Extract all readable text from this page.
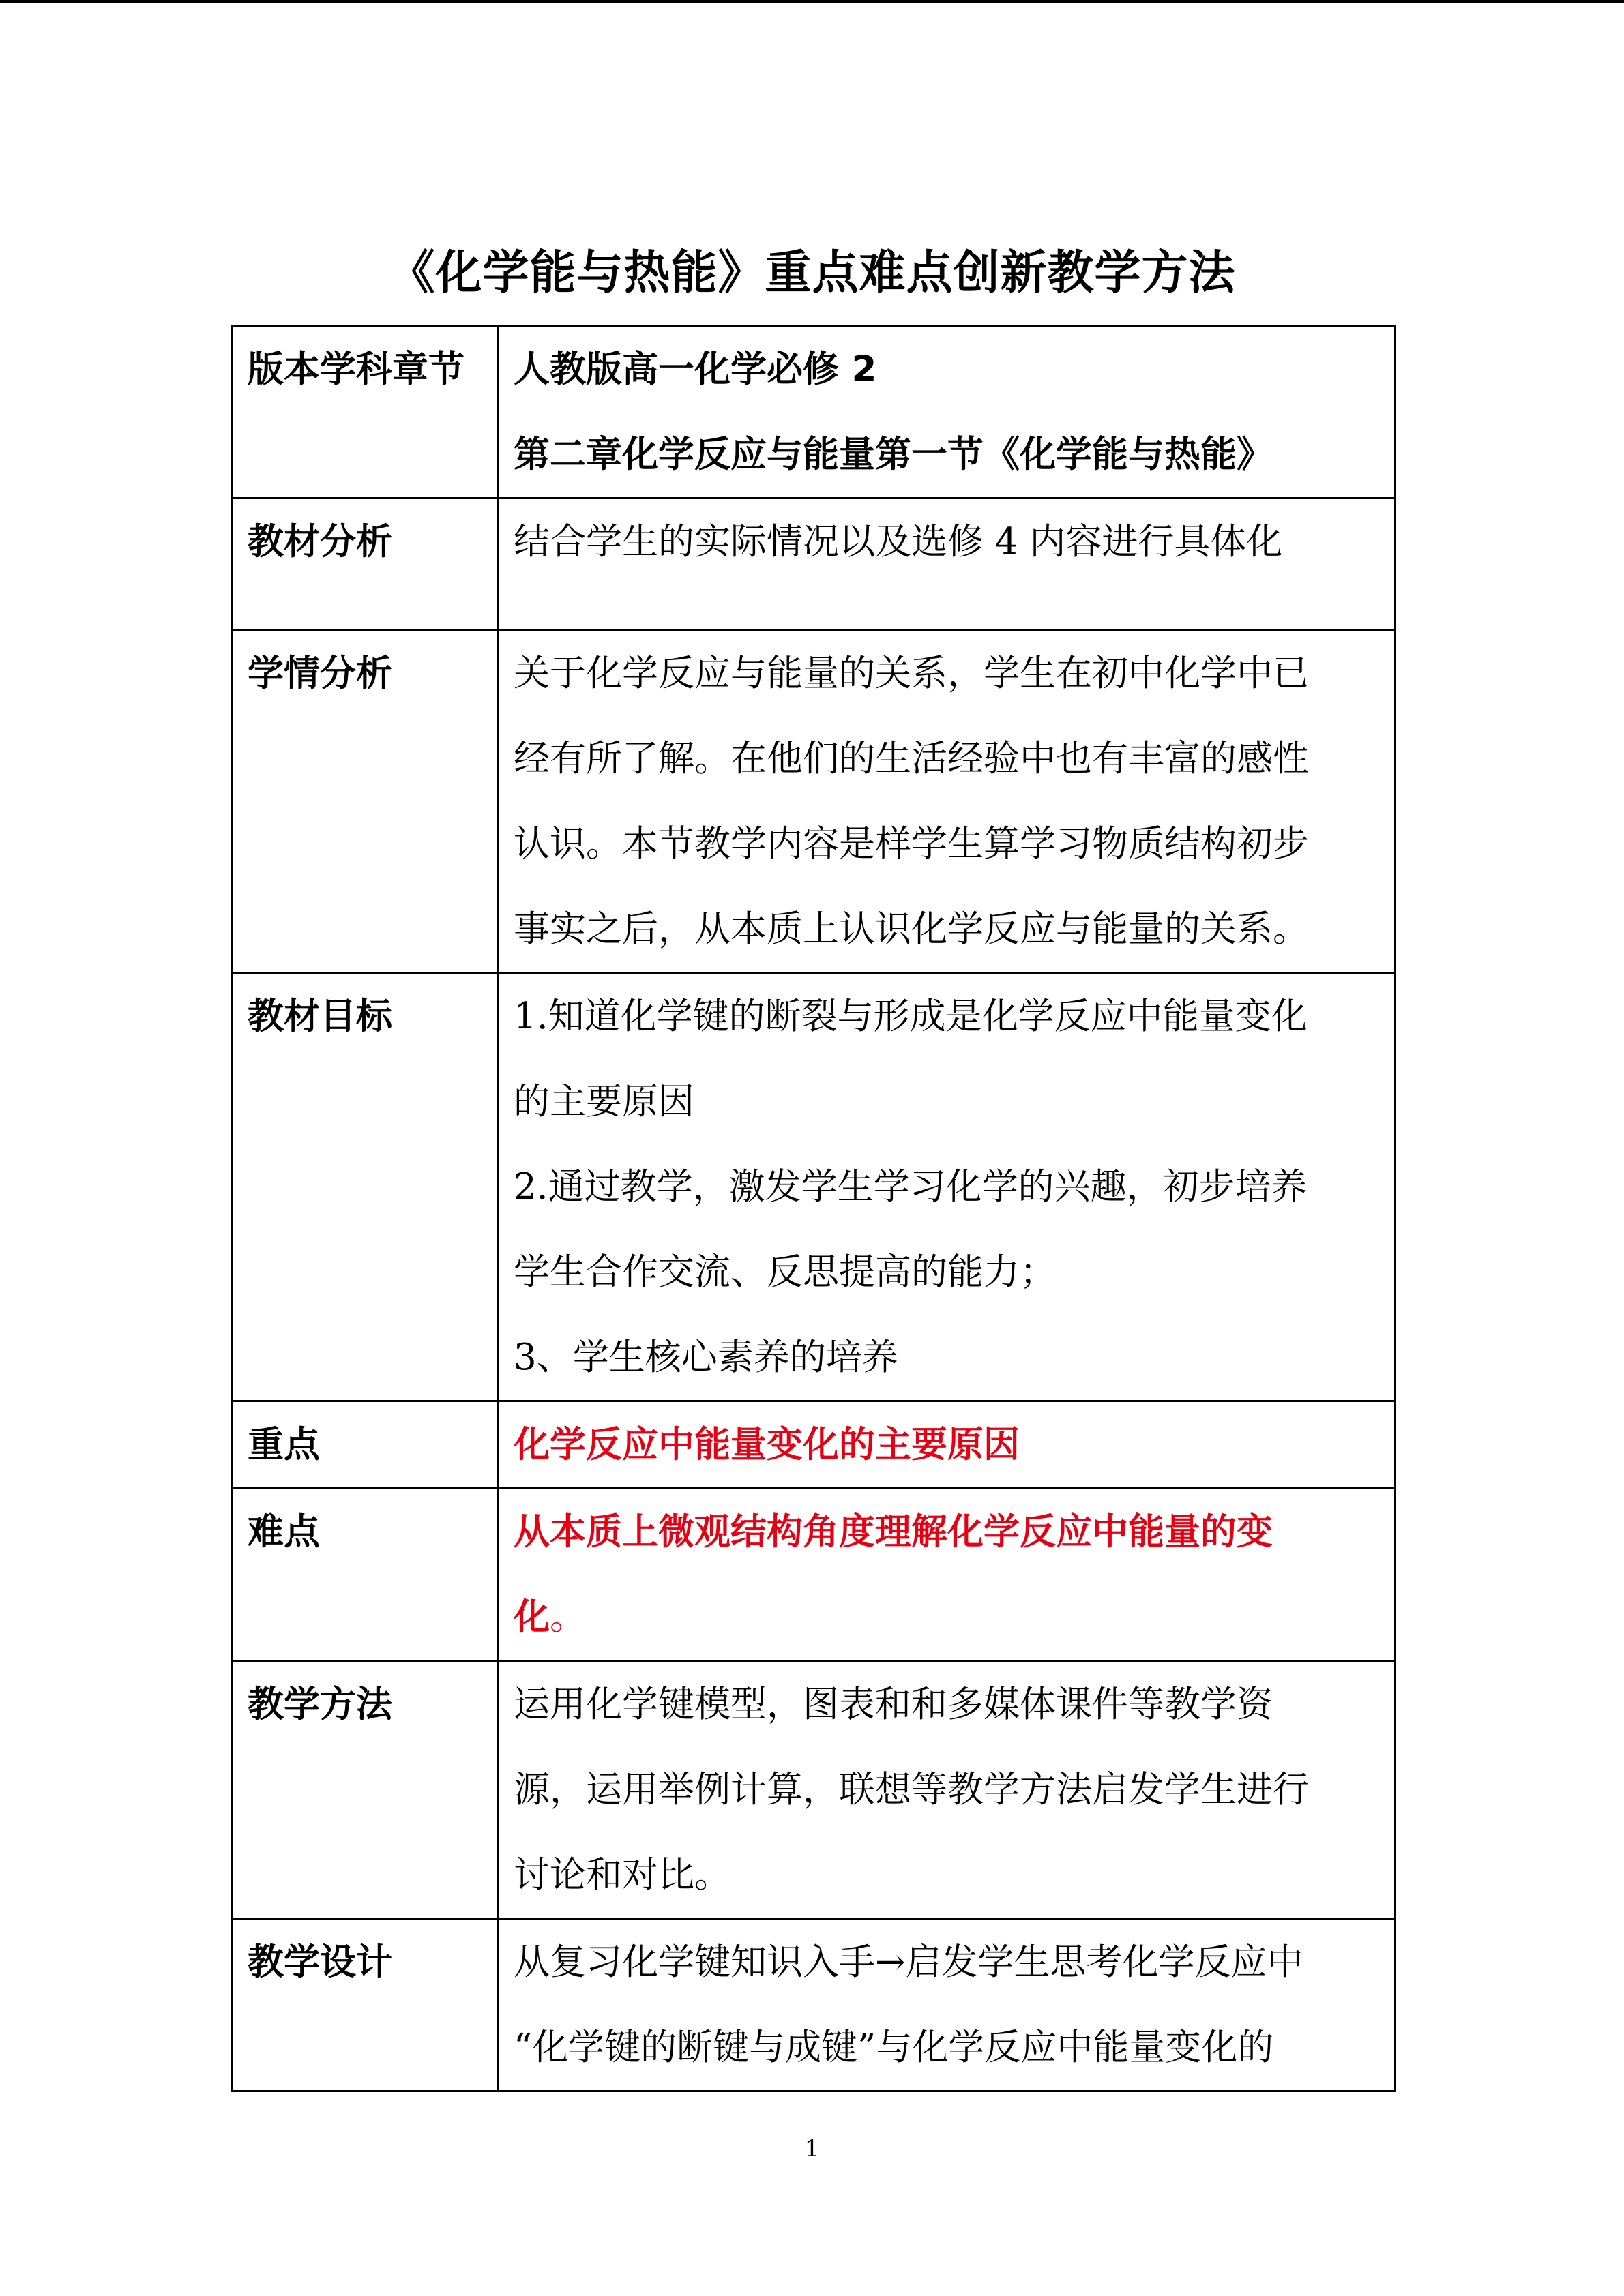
《化学能与热能》重点难点创新教学方法
版本学科章节	人教版高一化学必修 2
第二章化学反应与能量第一节《化学能与热能》

教材分析	结合学生的实际情况以及选修 4 内容进行具体化

学情分析	关于化学反应与能量的关系，学生在初中化学中已
经有所了解。在他们的生活经验中也有丰富的感性
认识。本节教学内容是样学生算学习物质结构初步
事实之后，从本质上认识化学反应与能量的关系。

教材目标	1.知道化学键的断裂与形成是化学反应中能量变化
的主要原因
2.通过教学，激发学生学习化学的兴趣，初步培养
学生合作交流、反思提高的能力；
3、学生核心素养的培养

重点	化学反应中能量变化的主要原因

难点	从本质上微观结构角度理解化学反应中能量的变
化。

教学方法	运用化学键模型，图表和和多媒体课件等教学资
源，运用举例计算，联想等教学方法启发学生进行
讨论和对比。

教学设计	从复习化学键知识入手→启发学生思考化学反应中
“化学键的断键与成键”与化学反应中能量变化的
1
